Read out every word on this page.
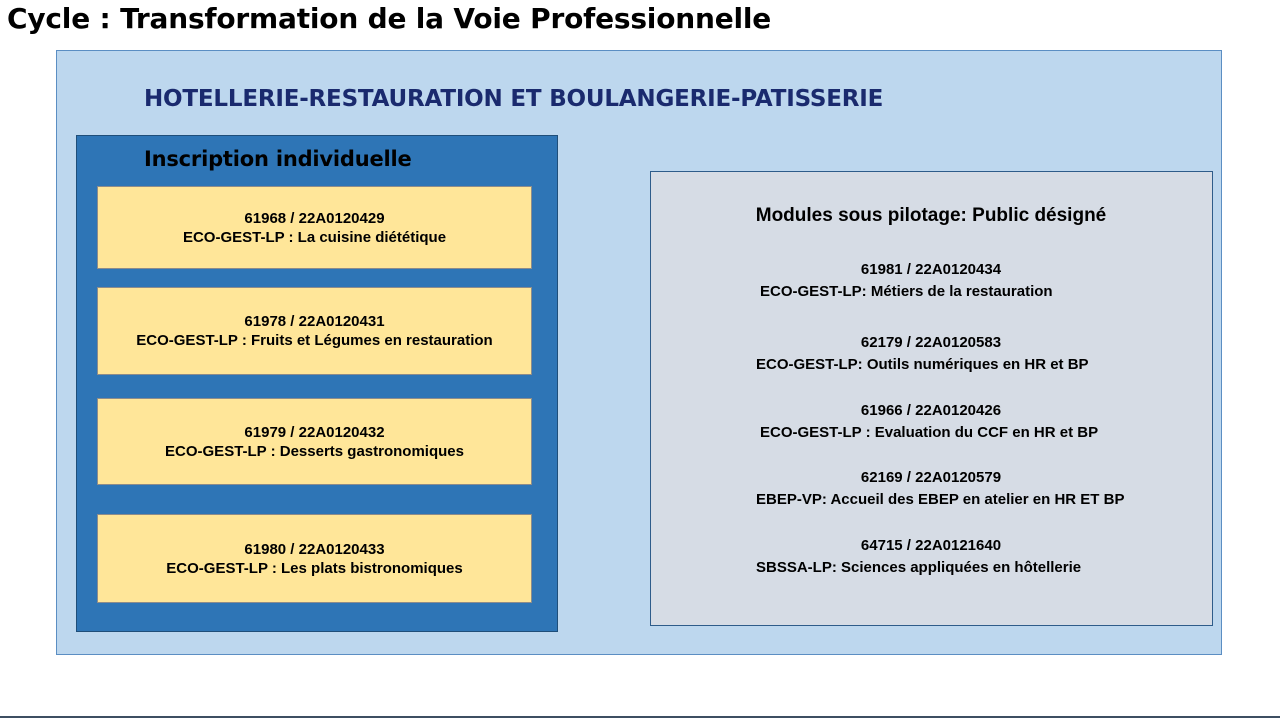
Cycle : Transformation de la Voie Professionnelle
HOTELLERIE-RESTAURATION ET BOULANGERIE-PATISSERIE
Inscription individuelle
61968 / 22A0120429
ECO-GEST-LP : La cuisine diététique
61978 / 22A0120431
ECO-GEST-LP : Fruits et Légumes en restauration
61979 / 22A0120432
ECO-GEST-LP : Desserts gastronomiques
61980 / 22A0120433
ECO-GEST-LP : Les plats bistronomiques
Modules sous pilotage: Public désigné
61981 / 22A0120434
ECO-GEST-LP: Métiers de la restauration
62179 / 22A0120583
ECO-GEST-LP: Outils numériques en HR et BP
61966 / 22A0120426
ECO-GEST-LP : Evaluation du CCF en HR et BP
62169 / 22A0120579
EBEP-VP: Accueil des EBEP en atelier en HR ET BP
64715 / 22A0121640
SBSSA-LP: Sciences appliquées en hôtellerie
